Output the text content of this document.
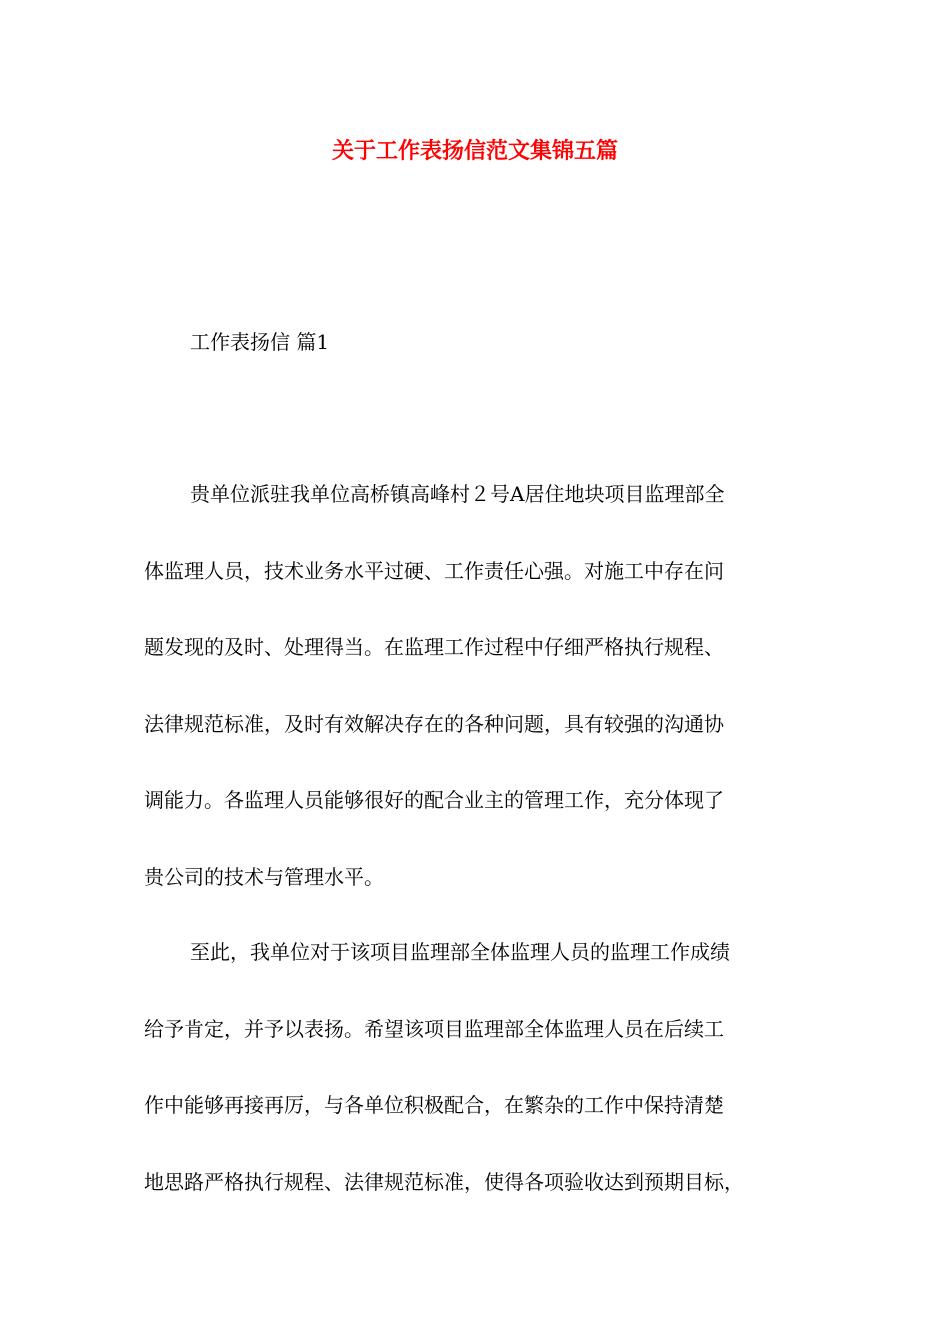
关于工作表扬信范文集锦五篇

工作表扬信 篇1

贵单位派驻我单位高桥镇高峰村２号A居住地块项目监理部全
体监理人员，技术业务水平过硬、工作责任心强。对施工中存在问
题发现的及时、处理得当。在监理工作过程中仔细严格执行规程、
法律规范标准，及时有效解决存在的各种问题，具有较强的沟通协
调能力。各监理人员能够很好的配合业主的管理工作，充分体现了
贵公司的技术与管理水平。
至此，我单位对于该项目监理部全体监理人员的监理工作成绩
给予肯定，并予以表扬。希望该项目监理部全体监理人员在后续工
作中能够再接再厉，与各单位积极配合，在繁杂的工作中保持清楚
地思路严格执行规程、法律规范标准，使得各项验收达到预期目标，
